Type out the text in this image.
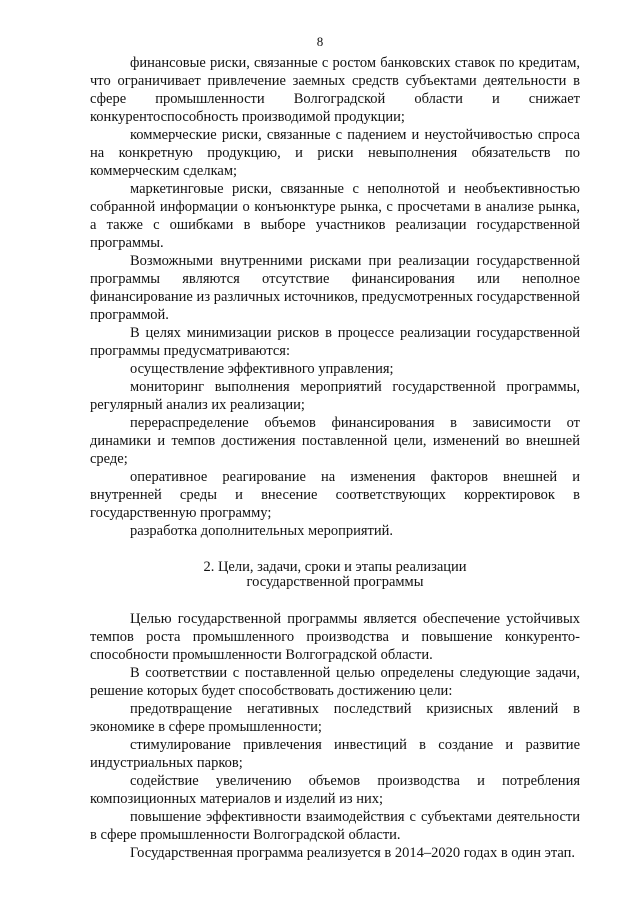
8

финансовые риски, связанные с ростом банковских ставок по кредитам, что ограничивает привлечение заемных средств субъектами деятельности в сфере промышленности Волгоградской области и снижает конкурентоспособность производимой продукции;

коммерческие риски, связанные с падением и неустойчивостью спроса на конкретную продукцию, и риски невыполнения обязательств по коммерческим сделкам;

маркетинговые риски, связанные с неполнотой и необъективностью собранной информации о конъюнктуре рынка, с просчетами в анализе рынка, а также с ошибками в выборе участников реализации государственной программы.

Возможными внутренними рисками при реализации государственной программы являются отсутствие финансирования или неполное финансирование из различных источников, предусмотренных государственной программой.

В целях минимизации рисков в процессе реализации государственной программы предусматриваются:

осуществление эффективного управления;

мониторинг выполнения мероприятий государственной программы, регулярный анализ их реализации;

перераспределение объемов финансирования в зависимости от динамики и темпов достижения поставленной цели, изменений во внешней среде;

оперативное реагирование на изменения факторов внешней и внутренней среды и внесение соответствующих корректировок в государственную программу;

разработка дополнительных мероприятий.

2. Цели, задачи, сроки и этапы реализации
государственной программы

Целью государственной программы является обеспечение устойчивых темпов роста промышленного производства и повышение конкуренто-способности промышленности Волгоградской области.

В соответствии с поставленной целью определены следующие задачи, решение которых будет способствовать достижению цели:

предотвращение негативных последствий кризисных явлений в экономике в сфере промышленности;

стимулирование привлечения инвестиций в создание и развитие индустриальных парков;

содействие увеличению объемов производства и потребления композиционных материалов и изделий из них;

повышение эффективности взаимодействия с субъектами деятельности в сфере промышленности Волгоградской области.

Государственная программа реализуется в 2014–2020 годах в один этап.
